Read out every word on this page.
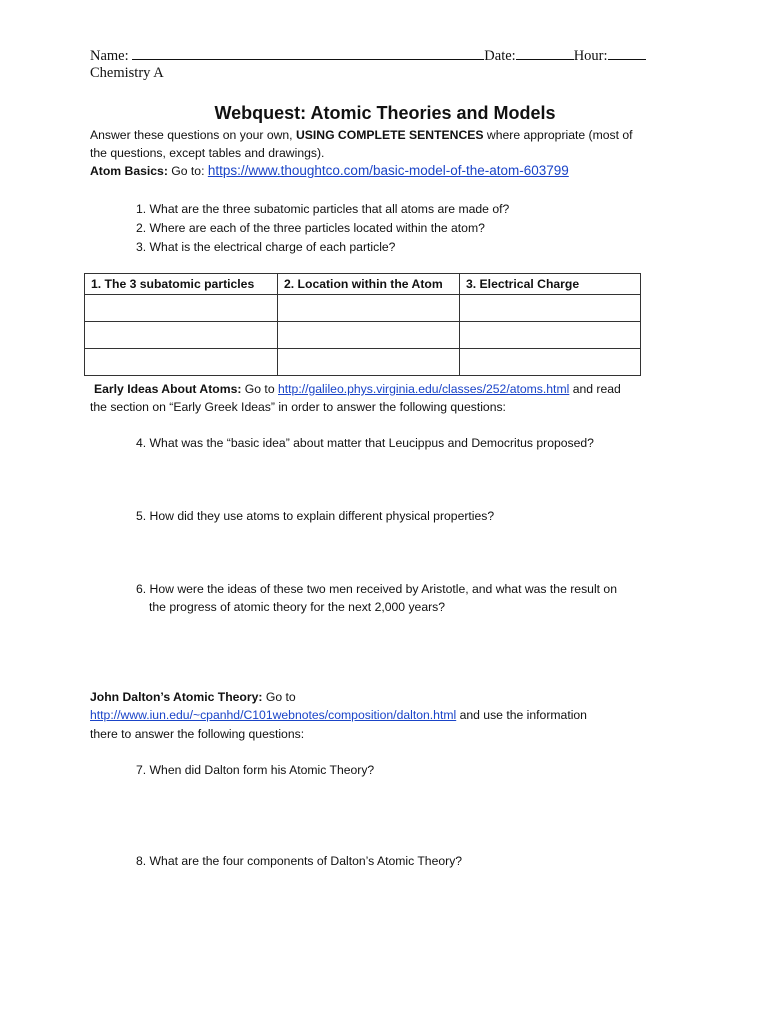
Name:	Date:	Hour:
Chemistry A
Webquest: Atomic Theories and Models
Answer these questions on your own, USING COMPLETE SENTENCES where appropriate (most of
the questions, except tables and drawings).
Atom Basics: Go to: https://www.thoughtco.com/basic-model-of-the-atom-603799
1. What are the three subatomic particles that all atoms are made of?
2. Where are each of the three particles located within the atom?
3. What is the electrical charge of each particle?
1. The 3 subatomic particles	2. Location within the Atom	3. Electrical Charge

Early Ideas About Atoms: Go to http://galileo.phys.virginia.edu/classes/252/atoms.html and read
the section on “Early Greek Ideas” in order to answer the following questions:
4. What was the “basic idea” about matter that Leucippus and Democritus proposed?
5. How did they use atoms to explain different physical properties?
6. How were the ideas of these two men received by Aristotle, and what was the result on
the progress of atomic theory for the next 2,000 years?
John Dalton’s Atomic Theory: Go to
http://www.iun.edu/~cpanhd/C101webnotes/composition/dalton.html and use the information
there to answer the following questions:
7. When did Dalton form his Atomic Theory?
8. What are the four components of Dalton’s Atomic Theory?
